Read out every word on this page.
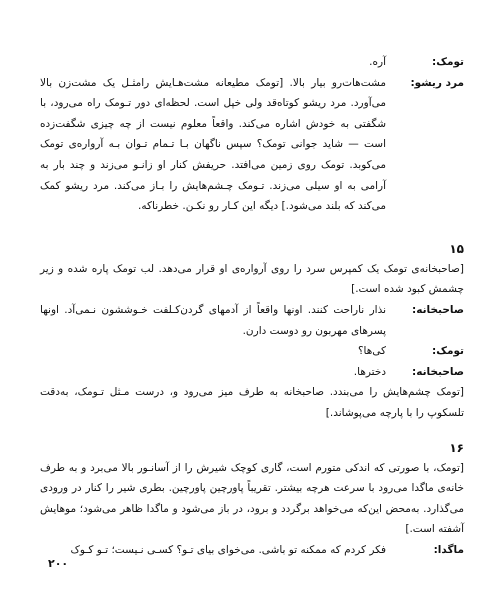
تومک:
آره.
مرد ریشو:
مشت‌هات‌رو بیار بالا. [تومک مطیعانه مشت‌هـایش رامثـل یک مشت‌زن بالا می‌آورد. مرد ریشو کوتاه‌قد ولی خپل است. لحظه‌ای دور تـومک راه می‌رود، با شگفتی به خودش اشاره می‌کند. واقعاً معلوم نیست از چه چیزی شگفت‌زده است — شاید جوانی تومک؟ سپس ناگهان بـا تـمام تـوان بـه آرواره‌ی تومک می‌کوبد. تومک روی زمین می‌افتد. حریفش کنار او زانـو می‌زند و چند بار به آرامی به او سیلی می‌زند. تـومک چـشم‌هایش را بـاز می‌کند. مرد ریشو کمک می‌کند که بلند می‌شود.] دیگه این کـار رو نکـن. خطرناکه.
۱۵
[صاحبخانه‌ی تومک یک کمپرس سرد را روی آرواره‌ی او قرار می‌دهد. لب تومک پاره شده و زیر چشمش کبود شده است.]
صاحبخانه:
نذار ناراحت کنند. اونها واقعاً از آدمهای گردن‌کـلفت خـوششون نـمی‌آد. اونها پسرهای مهربون رو دوست دارن.
تومک:
کی‌ها؟
صاحبخانه:
دخترها.
[تومک چشم‌هایش را می‌بندد. صاحبخانه به طرف میز می‌رود و، درست مـثل تـومک، به‌دقت تلسکوپ را با پارچه می‌پوشاند.]
۱۶
[تومک، با صورتی که اندکی متورم است، گاری کوچک شیرش را از آسانـور بالا می‌برد و به طرف خانه‌ی ماگدا می‌رود با سرعت هرچه بیشتر. تقریباً پاورچین پاورچین. بطری شیر را کنار در ورودی می‌گذارد. به‌محض این‌که می‌خواهد برگردد و برود، در باز می‌شود و ماگدا ظاهر می‌شود؛ موهایش آشفته است.]
ماگدا:
فکر کردم که ممکنه تو باشی. می‌خوای بیای تـو؟ کسـی نـیست؛ تـو کـوک
۲۰۰
